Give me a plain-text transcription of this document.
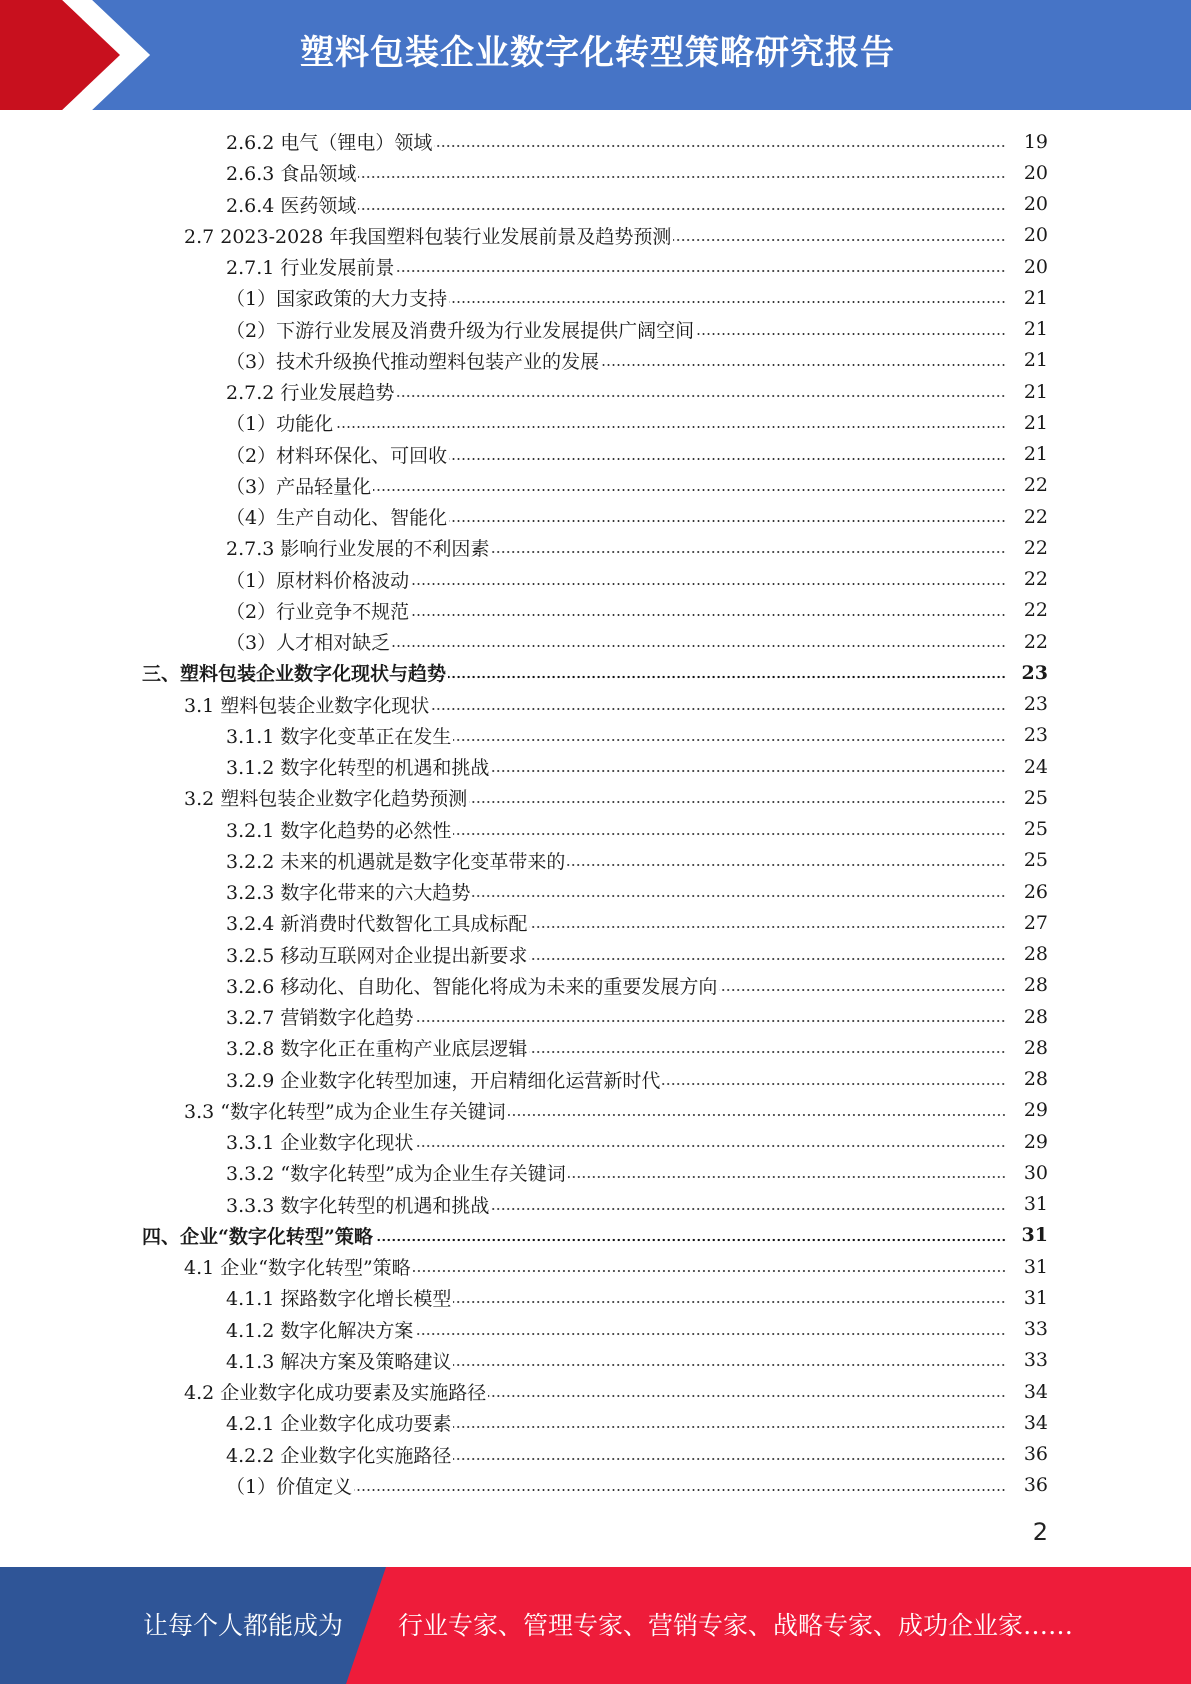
塑料包装企业数字化转型策略研究报告
2.6.2 电气（锂电）领域	19
2.6.3 食品领域	20
2.6.4 医药领域	20
2.7 2023-2028 年我国塑料包装行业发展前景及趋势预测	20
2.7.1 行业发展前景	20
（1）国家政策的大力支持	21
（2）下游行业发展及消费升级为行业发展提供广阔空间	21
（3）技术升级换代推动塑料包装产业的发展	21
2.7.2 行业发展趋势	21
（1）功能化	21
（2）材料环保化、可回收	21
（3）产品轻量化	22
（4）生产自动化、智能化	22
2.7.3 影响行业发展的不利因素	22
（1）原材料价格波动	22
（2）行业竞争不规范	22
（3）人才相对缺乏	22
三、塑料包装企业数字化现状与趋势	23
3.1 塑料包装企业数字化现状	23
3.1.1 数字化变革正在发生	23
3.1.2 数字化转型的机遇和挑战	24
3.2 塑料包装企业数字化趋势预测	25
3.2.1 数字化趋势的必然性	25
3.2.2 未来的机遇就是数字化变革带来的	25
3.2.3 数字化带来的六大趋势	26
3.2.4 新消费时代数智化工具成标配	27
3.2.5 移动互联网对企业提出新要求	28
3.2.6 移动化、自助化、智能化将成为未来的重要发展方向	28
3.2.7 营销数字化趋势	28
3.2.8 数字化正在重构产业底层逻辑	28
3.2.9 企业数字化转型加速，开启精细化运营新时代	28
3.3 “数字化转型”成为企业生存关键词	29
3.3.1 企业数字化现状	29
3.3.2 “数字化转型”成为企业生存关键词	30
3.3.3 数字化转型的机遇和挑战	31
四、企业“数字化转型”策略	31
4.1 企业“数字化转型”策略	31
4.1.1 探路数字化增长模型	31
4.1.2 数字化解决方案	33
4.1.3 解决方案及策略建议	33
4.2 企业数字化成功要素及实施路径	34
4.2.1 企业数字化成功要素	34
4.2.2 企业数字化实施路径	36
（1）价值定义	36
2
让每个人都能成为 行业专家、管理专家、营销专家、战略专家、成功企业家……
